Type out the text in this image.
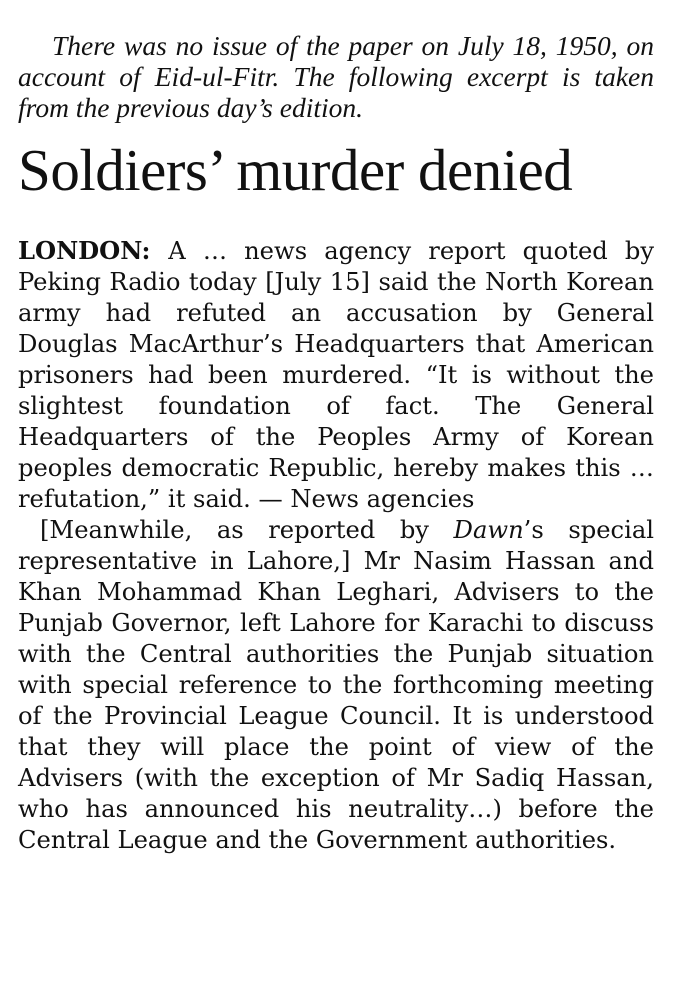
There was no issue of the paper on July 18, 1950, on account of Eid-ul-Fitr. The following excerpt is taken from the previous day’s edition.

Soldiers’ murder denied

LONDON: A … news agency report quoted by Peking Radio today [July 15] said the North Korean army had refuted an accusation by General Douglas MacArthur’s Headquarters that American prisoners had been murdered. “It is without the slightest foundation of fact. The General Headquarters of the Peoples Army of Korean peoples democratic Republic, hereby makes this … refutation,” it said. — News agencies

[Meanwhile, as reported by Dawn’s special representative in Lahore,] Mr Nasim Hassan and Khan Mohammad Khan Leghari, Advisers to the Punjab Governor, left Lahore for Karachi to discuss with the Central authorities the Punjab situation with special reference to the forthcoming meeting of the Provincial League Council. It is understood that they will place the point of view of the Advisers (with the exception of Mr Sadiq Hassan, who has announced his neutrality…) before the Central League and the Government authorities.
